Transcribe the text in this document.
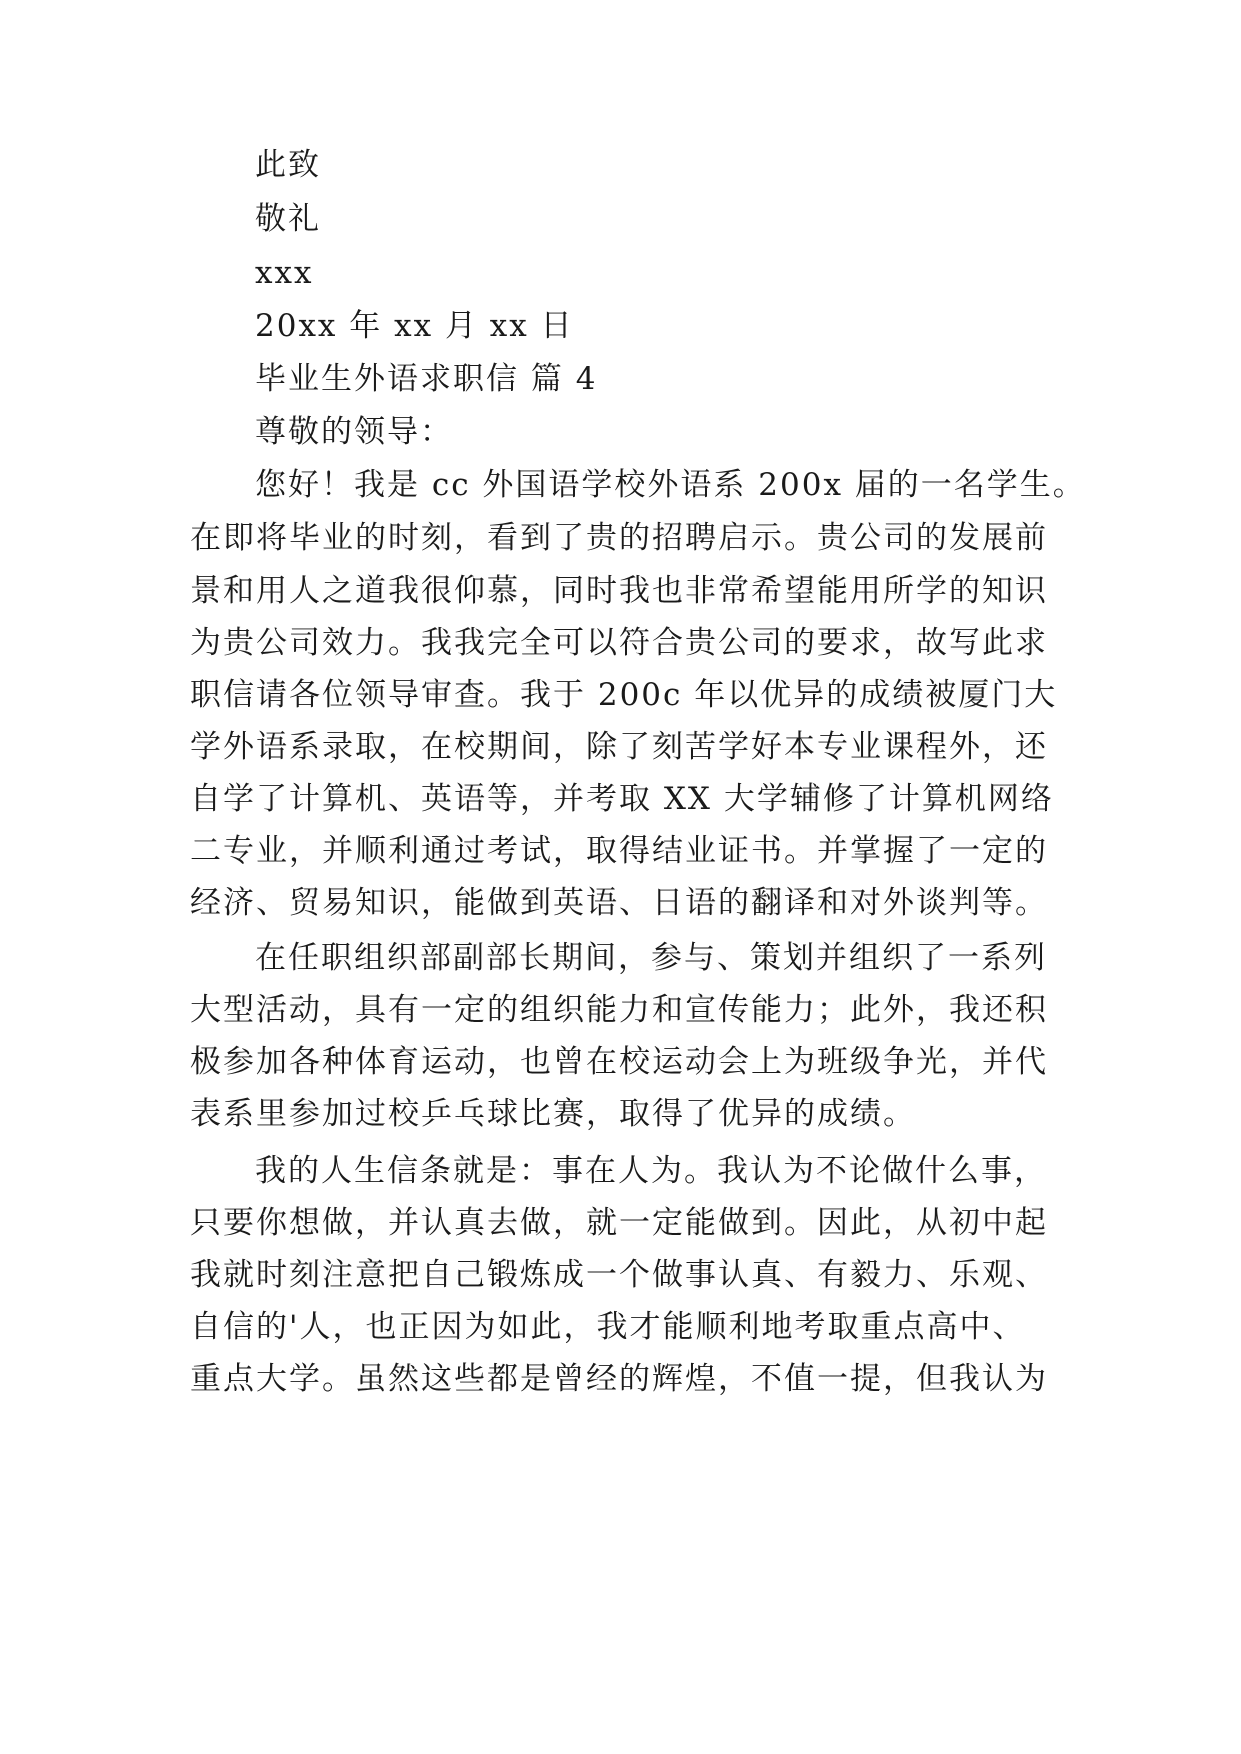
此致
敬礼
xxx
20xx 年 xx 月 xx 日
毕业生外语求职信 篇 4
尊敬的领导：
您好！我是 cc 外国语学校外语系 200x 届的一名学生。
在即将毕业的时刻，看到了贵的招聘启示。贵公司的发展前
景和用人之道我很仰慕，同时我也非常希望能用所学的知识
为贵公司效力。我我完全可以符合贵公司的要求，故写此求
职信请各位领导审查。我于 200c 年以优异的成绩被厦门大
学外语系录取，在校期间，除了刻苦学好本专业课程外，还
自学了计算机、英语等，并考取 XX 大学辅修了计算机网络
二专业，并顺利通过考试，取得结业证书。并掌握了一定的
经济、贸易知识，能做到英语、日语的翻译和对外谈判等。
在任职组织部副部长期间，参与、策划并组织了一系列
大型活动，具有一定的组织能力和宣传能力；此外，我还积
极参加各种体育运动，也曾在校运动会上为班级争光，并代
表系里参加过校乒乓球比赛，取得了优异的成绩。
我的人生信条就是：事在人为。我认为不论做什么事，
只要你想做，并认真去做，就一定能做到。因此，从初中起
我就时刻注意把自己锻炼成一个做事认真、有毅力、乐观、
自信的'人，也正因为如此，我才能顺利地考取重点高中、
重点大学。虽然这些都是曾经的辉煌，不值一提，但我认为
